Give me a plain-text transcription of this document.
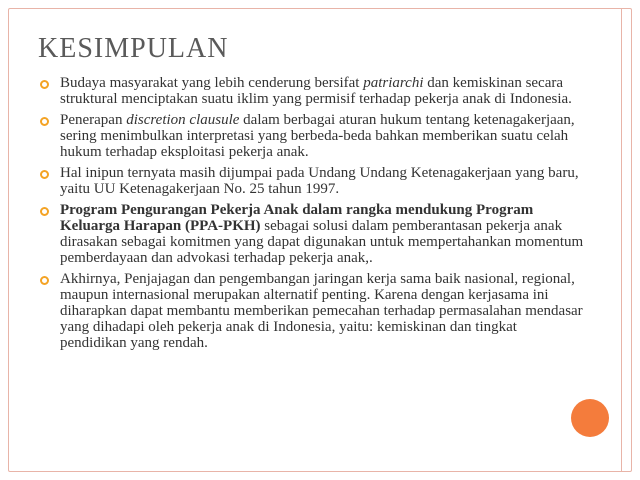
KESIMPULAN
Budaya masyarakat yang lebih cenderung bersifat patriarchi dan kemiskinan secara struktural menciptakan suatu iklim yang permisif terhadap pekerja anak di Indonesia.
Penerapan discretion clausule dalam berbagai aturan hukum tentang ketenagakerjaan, sering menimbulkan interpretasi yang berbeda-beda bahkan memberikan suatu celah hukum terhadap eksploitasi pekerja anak.
Hal inipun ternyata masih dijumpai pada Undang Undang Ketenagakerjaan yang baru, yaitu UU Ketenagakerjaan No. 25 tahun 1997.
Program Pengurangan Pekerja Anak dalam rangka mendukung Program Keluarga Harapan (PPA-PKH) sebagai solusi dalam pemberantasan pekerja anak dirasakan sebagai komitmen yang dapat digunakan untuk mempertahankan momentum pemberdayaan dan advokasi terhadap pekerja anak,.
Akhirnya, Penjajagan dan pengembangan jaringan kerja sama baik nasional, regional, maupun internasional merupakan alternatif penting. Karena dengan kerjasama ini diharapkan dapat membantu memberikan pemecahan terhadap permasalahan mendasar yang dihadapi oleh pekerja anak di Indonesia, yaitu: kemiskinan dan tingkat pendidikan yang rendah.
